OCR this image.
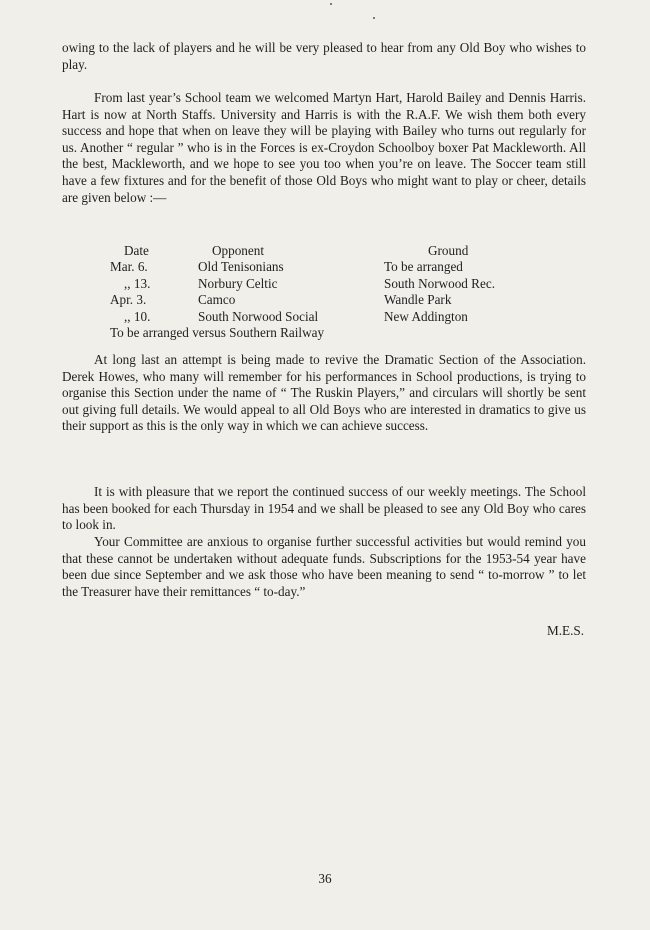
owing to the lack of players and he will be very pleased to hear from any Old Boy who wishes to play.

From last year’s School team we welcomed Martyn Hart, Harold Bailey and Dennis Harris. Hart is now at North Staffs. University and Harris is with the R.A.F. We wish them both every success and hope that when on leave they will be playing with Bailey who turns out regularly for us. Another “ regular ” who is in the Forces is ex-Croydon Schoolboy boxer Pat Mackleworth. All the best, Mackleworth, and we hope to see you too when you’re on leave. The Soccer team still have a few fixtures and for the benefit of those Old Boys who might want to play or cheer, details are given below :—

Date	Opponent	Ground
Mar. 6.	Old Tenisonians	To be arranged
,, 13.	Norbury Celtic	South Norwood Rec.
Apr. 3.	Camco	Wandle Park
,, 10.	South Norwood Social	New Addington
To be arranged versus Southern Railway

At long last an attempt is being made to revive the Dramatic Section of the Association. Derek Howes, who many will remember for his performances in School productions, is trying to organise this Section under the name of “ The Ruskin Players,” and circulars will shortly be sent out giving full details. We would appeal to all Old Boys who are interested in dramatics to give us their support as this is the only way in which we can achieve success.

It is with pleasure that we report the continued success of our weekly meetings. The School has been booked for each Thursday in 1954 and we shall be pleased to see any Old Boy who cares to look in.

Your Committee are anxious to organise further successful activities but would remind you that these cannot be undertaken without adequate funds. Subscriptions for the 1953-54 year have been due since September and we ask those who have been meaning to send “ to-morrow ” to let the Treasurer have their remittances “ to-day.”

M.E.S.
36
